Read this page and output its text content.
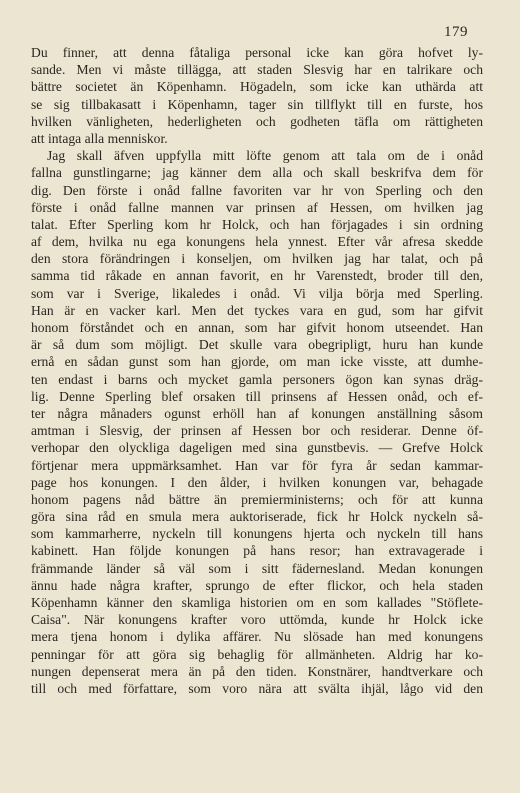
179
Du finner, att denna fåtaliga personal icke kan göra hofvet ly-
sande. Men vi måste tillägga, att staden Slesvig har en talrikare och
bättre societet än Köpenhamn. Högadeln, som icke kan uthärda att
se sig tillbakasatt i Köpenhamn, tager sin tillflykt till en furste, hos
hvilken vänligheten, hederligheten och godheten täfla om rättigheten
att intaga alla menniskor.
Jag skall äfven uppfylla mitt löfte genom att tala om de i onåd
fallna gunstlingarne; jag känner dem alla och skall beskrifva dem för
dig. Den förste i onåd fallne favoriten var hr von Sperling och den
förste i onåd fallne mannen var prinsen af Hessen, om hvilken jag
talat. Efter Sperling kom hr Holck, och han förjagades i sin ordning
af dem, hvilka nu ega konungens hela ynnest. Efter vår afresa skedde
den stora förändringen i konseljen, om hvilken jag har talat, och på
samma tid råkade en annan favorit, en hr Varenstedt, broder till den,
som var i Sverige, likaledes i onåd. Vi vilja börja med Sperling.
Han är en vacker karl. Men det tyckes vara en gud, som har gifvit
honom förståndet och en annan, som har gifvit honom utseendet. Han
är så dum som möjligt. Det skulle vara obegripligt, huru han kunde
ernå en sådan gunst som han gjorde, om man icke visste, att dumhe-
ten endast i barns och mycket gamla personers ögon kan synas dräg-
lig. Denne Sperling blef orsaken till prinsens af Hessen onåd, och ef-
ter några månaders ogunst erhöll han af konungen anställning såsom
amtman i Slesvig, der prinsen af Hessen bor och residerar. Denne öf-
verhopar den olyckliga dageligen med sina gunstbevis. — Grefve Holck
förtjenar mera uppmärksamhet. Han var för fyra år sedan kammar-
page hos konungen. I den ålder, i hvilken konungen var, behagade
honom pagens nåd bättre än premierministerns; och för att kunna
göra sina råd en smula mera auktoriserade, fick hr Holck nyckeln så-
som kammarherre, nyckeln till konungens hjerta och nyckeln till hans
kabinett. Han följde konungen på hans resor; han extravagerade i
främmande länder så väl som i sitt fädernesland. Medan konungen
ännu hade några krafter, sprungo de efter flickor, och hela staden
Köpenhamn känner den skamliga historien om en som kallades "Stöflete-
Caisa". När konungens krafter voro uttömda, kunde hr Holck icke
mera tjena honom i dylika affärer. Nu slösade han med konungens
penningar för att göra sig behaglig för allmänheten. Aldrig har ko-
nungen depenserat mera än på den tiden. Konstnärer, handtverkare och
till och med författare, som voro nära att svälta ihjäl, lågo vid den
